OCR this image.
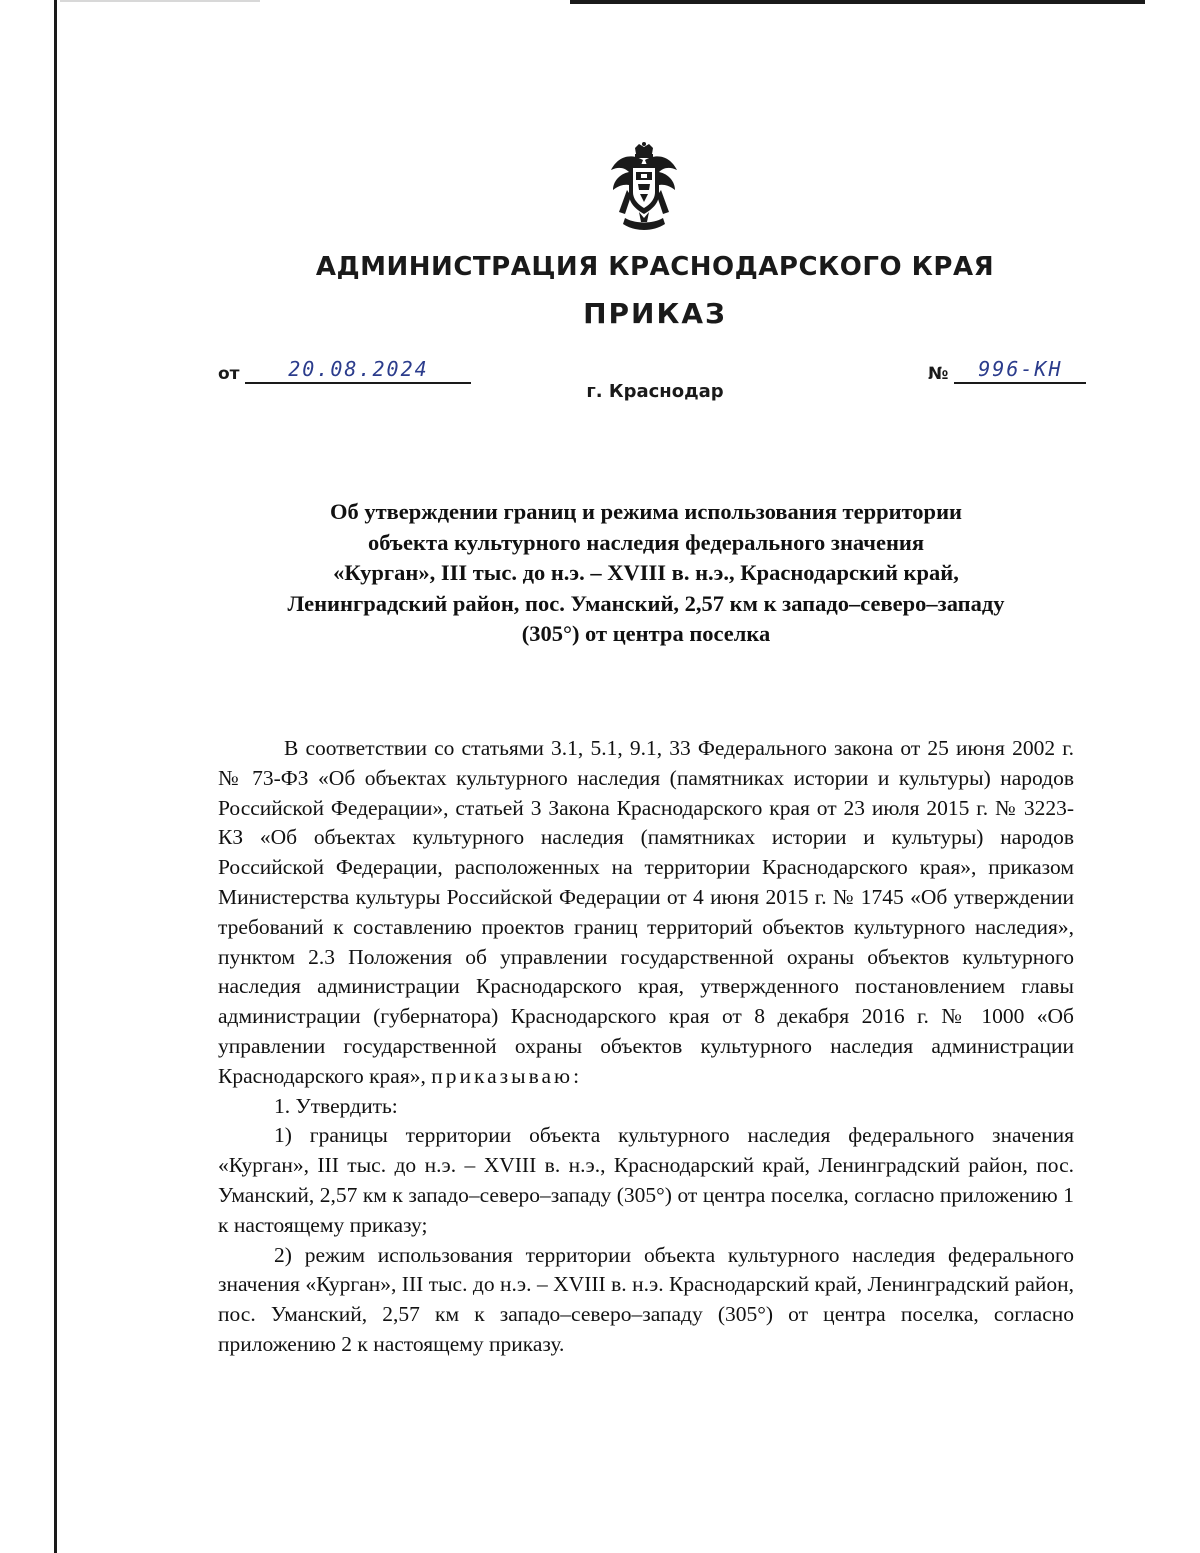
АДМИНИСТРАЦИЯ КРАСНОДАРСКОГО КРАЯ
ПРИКАЗ
от 20.08.2024	№ 996-КН
г. Краснодар
Об утверждении границ и режима использования территории
объекта культурного наследия федерального значения
«Курган», III тыс. до н.э. – XVIII в. н.э., Краснодарский край,
Ленинградский район, пос. Уманский, 2,57 км к западо–северо–западу
(305°) от центра поселка

В соответствии со статьями 3.1, 5.1, 9.1, 33 Федерального закона от 25 июня 2002 г. № 73-ФЗ «Об объектах культурного наследия (памятниках истории и культуры) народов Российской Федерации», статьей 3 Закона Краснодарского края от 23 июля 2015 г. № 3223-КЗ «Об объектах культурного наследия (памятниках истории и культуры) народов Российской Федерации, расположенных на территории Краснодарского края», приказом Министерства культуры Российской Федерации от 4 июня 2015 г. № 1745 «Об утверждении требований к составлению проектов границ территорий объектов культурного наследия», пунктом 2.3 Положения об управлении государственной охраны объектов культурного наследия администрации Краснодарского края, утвержденного постановлением главы администрации (губернатора) Краснодарского края от 8 декабря 2016 г. № 1000 «Об управлении государственной охраны объектов культурного наследия администрации Краснодарского края», приказываю:

1. Утвердить:

1) границы территории объекта культурного наследия федерального значения «Курган», III тыс. до н.э. – XVIII в. н.э., Краснодарский край, Ленинградский район, пос. Уманский, 2,57 км к западо–северо–западу (305°) от центра поселка, согласно приложению 1 к настоящему приказу;

2) режим использования территории объекта культурного наследия федерального значения «Курган», III тыс. до н.э. – XVIII в. н.э. Краснодарский край, Ленинградский район, пос. Уманский, 2,57 км к западо–северо–западу (305°) от центра поселка, согласно приложению 2 к настоящему приказу.
